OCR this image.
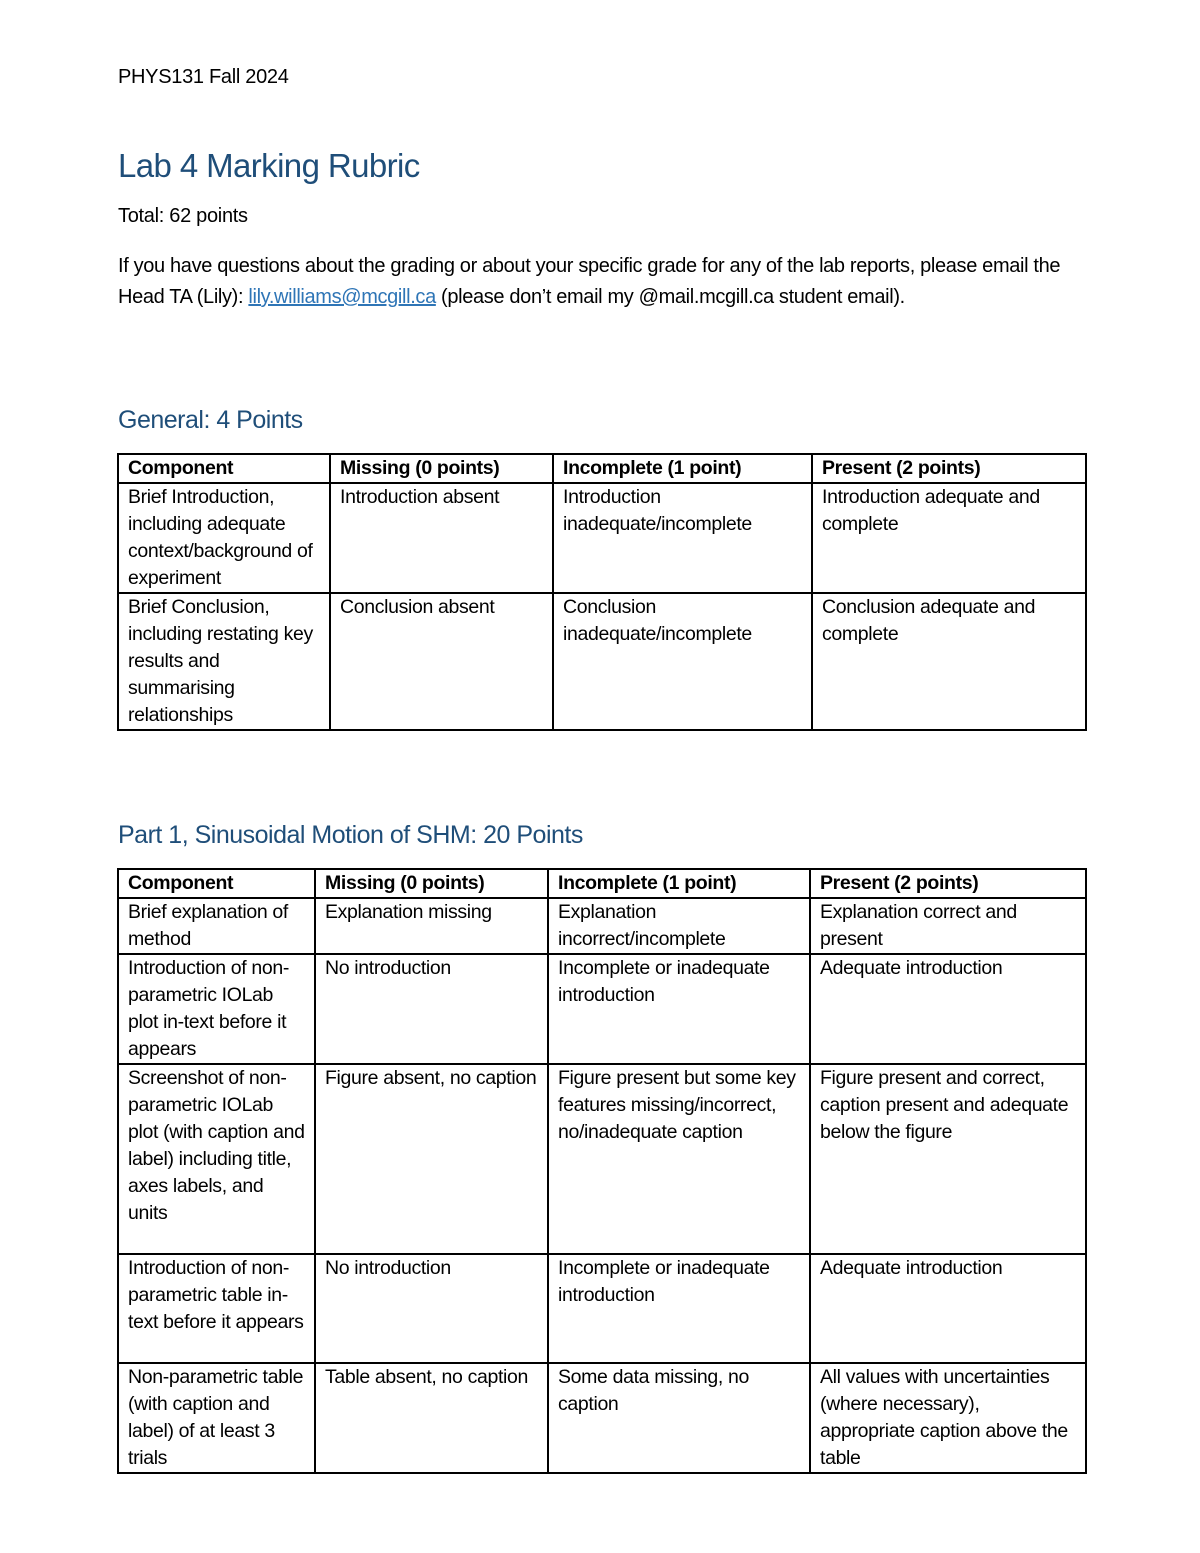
PHYS131 Fall 2024
Lab 4 Marking Rubric

Total: 62 points

If you have questions about the grading or about your specific grade for any of the lab reports, please email the Head TA (Lily): lily.williams@mcgill.ca (please don’t email my @mail.mcgill.ca student email).

General: 4 Points
Component	Missing (0 points)	Incomplete (1 point)	Present (2 points)
Brief Introduction, including adequate context/background of experiment	Introduction absent	Introduction inadequate/incomplete	Introduction adequate and complete
Brief Conclusion, including restating key results and summarising relationships	Conclusion absent	Conclusion inadequate/incomplete	Conclusion adequate and complete
Part 1, Sinusoidal Motion of SHM: 20 Points
Component	Missing (0 points)	Incomplete (1 point)	Present (2 points)
Brief explanation of method	Explanation missing	Explanation incorrect/incomplete	Explanation correct and present
Introduction of non-parametric IOLab plot in-text before it appears	No introduction	Incomplete or inadequate introduction	Adequate introduction
Screenshot of non-parametric IOLab plot (with caption and label) including title, axes labels, and units	Figure absent, no caption	Figure present but some key features missing/incorrect, no/inadequate caption	Figure present and correct, caption present and adequate below the figure
Introduction of non-parametric table in-text before it appears	No introduction	Incomplete or inadequate introduction	Adequate introduction
Non-parametric table (with caption and label) of at least 3 trials	Table absent, no caption	Some data missing, no caption	All values with uncertainties (where necessary), appropriate caption above the table
